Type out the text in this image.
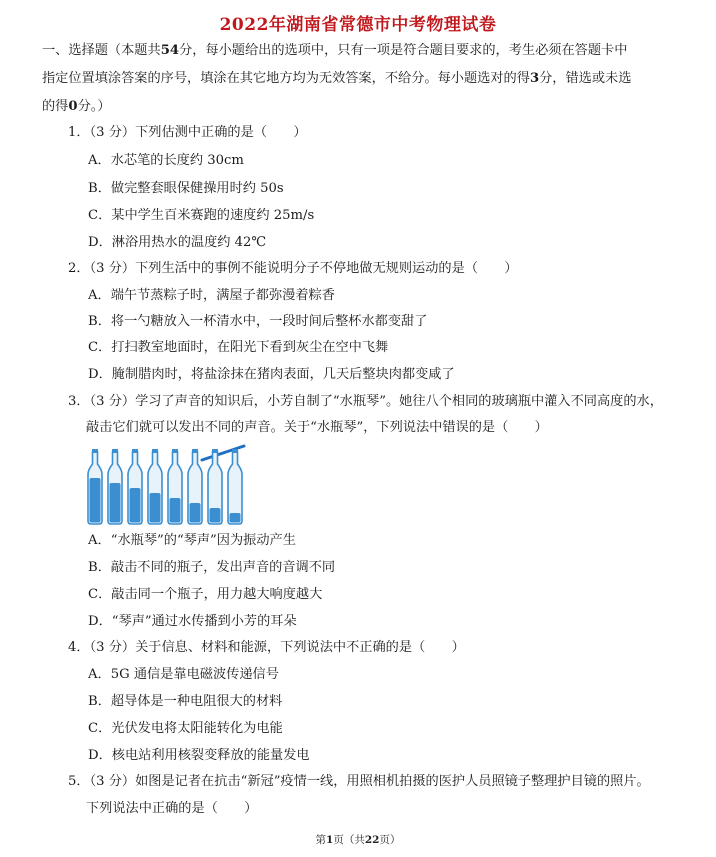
2022年湖南省常德市中考物理试卷
一、选择题（本题共54分，每小题给出的选项中，只有一项是符合题目要求的，考生必须在答题卡中
指定位置填涂答案的序号，填涂在其它地方均为无效答案，不给分。每小题选对的得3分，错选或未选
的得0分。）
1．（3 分）下列估测中正确的是（　　）
A．水芯笔的长度约 30cm
B．做完整套眼保健操用时约 50s
C．某中学生百米赛跑的速度约 25m/s
D．淋浴用热水的温度约 42℃
2．（3 分）下列生活中的事例不能说明分子不停地做无规则运动的是（　　）
A．端午节蒸粽子时，满屋子都弥漫着粽香
B．将一勺糖放入一杯清水中，一段时间后整杯水都变甜了
C．打扫教室地面时，在阳光下看到灰尘在空中飞舞
D．腌制腊肉时，将盐涂抹在猪肉表面，几天后整块肉都变咸了
3．（3 分）学习了声音的知识后，小芳自制了“水瓶琴”。她往八个相同的玻璃瓶中灌入不同高度的水，
敲击它们就可以发出不同的声音。关于“水瓶琴”，下列说法中错误的是（　　）
A．“水瓶琴”的“琴声”因为振动产生
B．敲击不同的瓶子，发出声音的音调不同
C．敲击同一个瓶子，用力越大响度越大
D．“琴声”通过水传播到小芳的耳朵
4．（3 分）关于信息、材料和能源，下列说法中不正确的是（　　）
A．5G 通信是靠电磁波传递信号
B．超导体是一种电阻很大的材料
C．光伏发电将太阳能转化为电能
D．核电站利用核裂变释放的能量发电
5．（3 分）如图是记者在抗击“新冠”疫情一线，用照相机拍摄的医护人员照镜子整理护目镜的照片。
下列说法中正确的是（　　）
第1页（共22页）
